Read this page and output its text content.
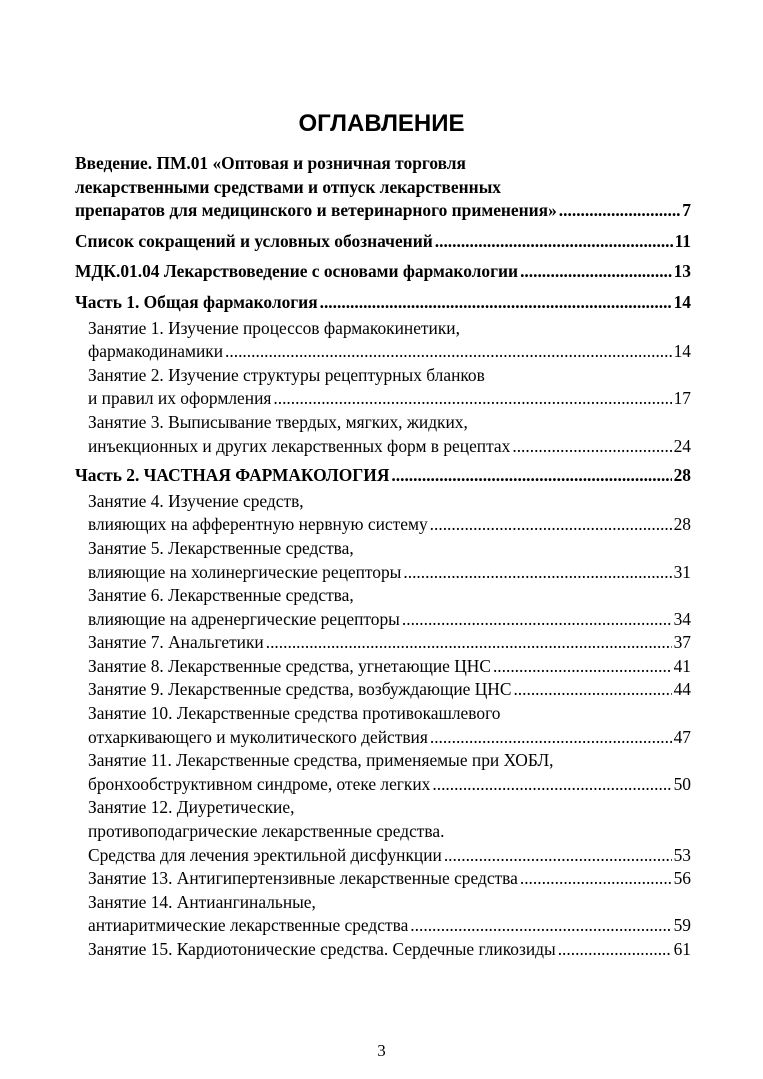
ОГЛАВЛЕНИЕ
Введение. ПМ.01 «Оптовая и розничная торговля
лекарственными средствами и отпуск лекарственных
препаратов для медицинского и ветеринарного применения» .....	7
Список сокращений и условных обозначений .....	11
МДК.01.04 Лекарствоведение с основами фармакологии .....	13
Часть 1. Общая фармакология .....	14
Занятие 1. Изучение процессов фармакокинетики,
фармакодинамики .....	14
Занятие 2. Изучение структуры рецептурных бланков
и правил их оформления .....	17
Занятие 3. Выписывание твердых, мягких, жидких,
инъекционных и других лекарственных форм в рецептах .....	24
Часть 2. ЧАСТНАЯ ФАРМАКОЛОГИЯ .....	28
Занятие 4. Изучение средств,
влияющих на афферентную нервную систему .....	28
Занятие 5. Лекарственные средства,
влияющие на холинергические рецепторы .....	31
Занятие 6. Лекарственные средства,
влияющие на адренергические рецепторы .....	34
Занятие 7. Анальгетики .....	37
Занятие 8. Лекарственные средства, угнетающие ЦНС .....	41
Занятие 9. Лекарственные средства, возбуждающие ЦНС .....	44
Занятие 10. Лекарственные средства противокашлевого
отхаркивающего и муколитического действия .....	47
Занятие 11. Лекарственные средства, применяемые при ХОБЛ,
бронхообструктивном синдроме, отеке легких .....	50
Занятие 12. Диуретические,
противоподагрические лекарственные средства.
Средства для лечения эректильной дисфункции .....	53
Занятие 13. Антигипертензивные лекарственные средства .....	56
Занятие 14. Антиангинальные,
антиаритмические лекарственные средства .....	59
Занятие 15. Кардиотонические средства. Сердечные гликозиды .....	61
3
